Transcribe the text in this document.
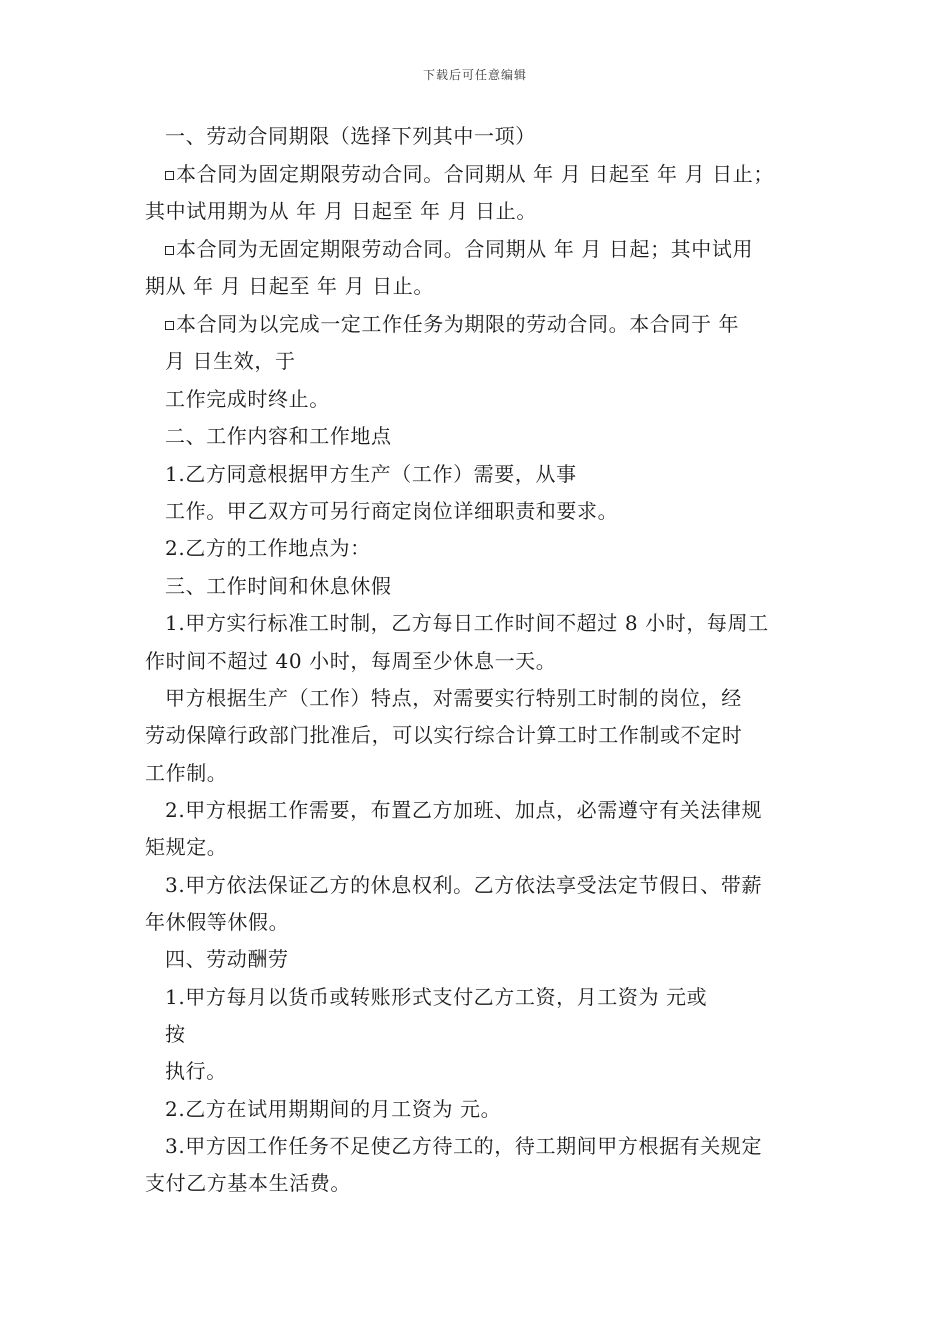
下载后可任意编辑
一、劳动合同期限（选择下列其中一项）
本合同为固定期限劳动合同。合同期从 年 月 日起至 年 月 日止；
其中试用期为从 年 月 日起至 年 月 日止。
本合同为无固定期限劳动合同。合同期从 年 月 日起；其中试用
期从 年 月 日起至 年 月 日止。
本合同为以完成一定工作任务为期限的劳动合同。本合同于 年
月 日生效，于
工作完成时终止。
二、工作内容和工作地点
1.乙方同意根据甲方生产（工作）需要，从事
工作。甲乙双方可另行商定岗位详细职责和要求。
2.乙方的工作地点为：
三、工作时间和休息休假
1.甲方实行标准工时制，乙方每日工作时间不超过 8 小时，每周工
作时间不超过 40 小时，每周至少休息一天。
甲方根据生产（工作）特点，对需要实行特别工时制的岗位，经
劳动保障行政部门批准后，可以实行综合计算工时工作制或不定时
工作制。
2.甲方根据工作需要，布置乙方加班、加点，必需遵守有关法律规
矩规定。
3.甲方依法保证乙方的休息权利。乙方依法享受法定节假日、带薪
年休假等休假。
四、劳动酬劳
1.甲方每月以货币或转账形式支付乙方工资，月工资为 元或
按
执行。
2.乙方在试用期期间的月工资为 元。
3.甲方因工作任务不足使乙方待工的，待工期间甲方根据有关规定
支付乙方基本生活费。
